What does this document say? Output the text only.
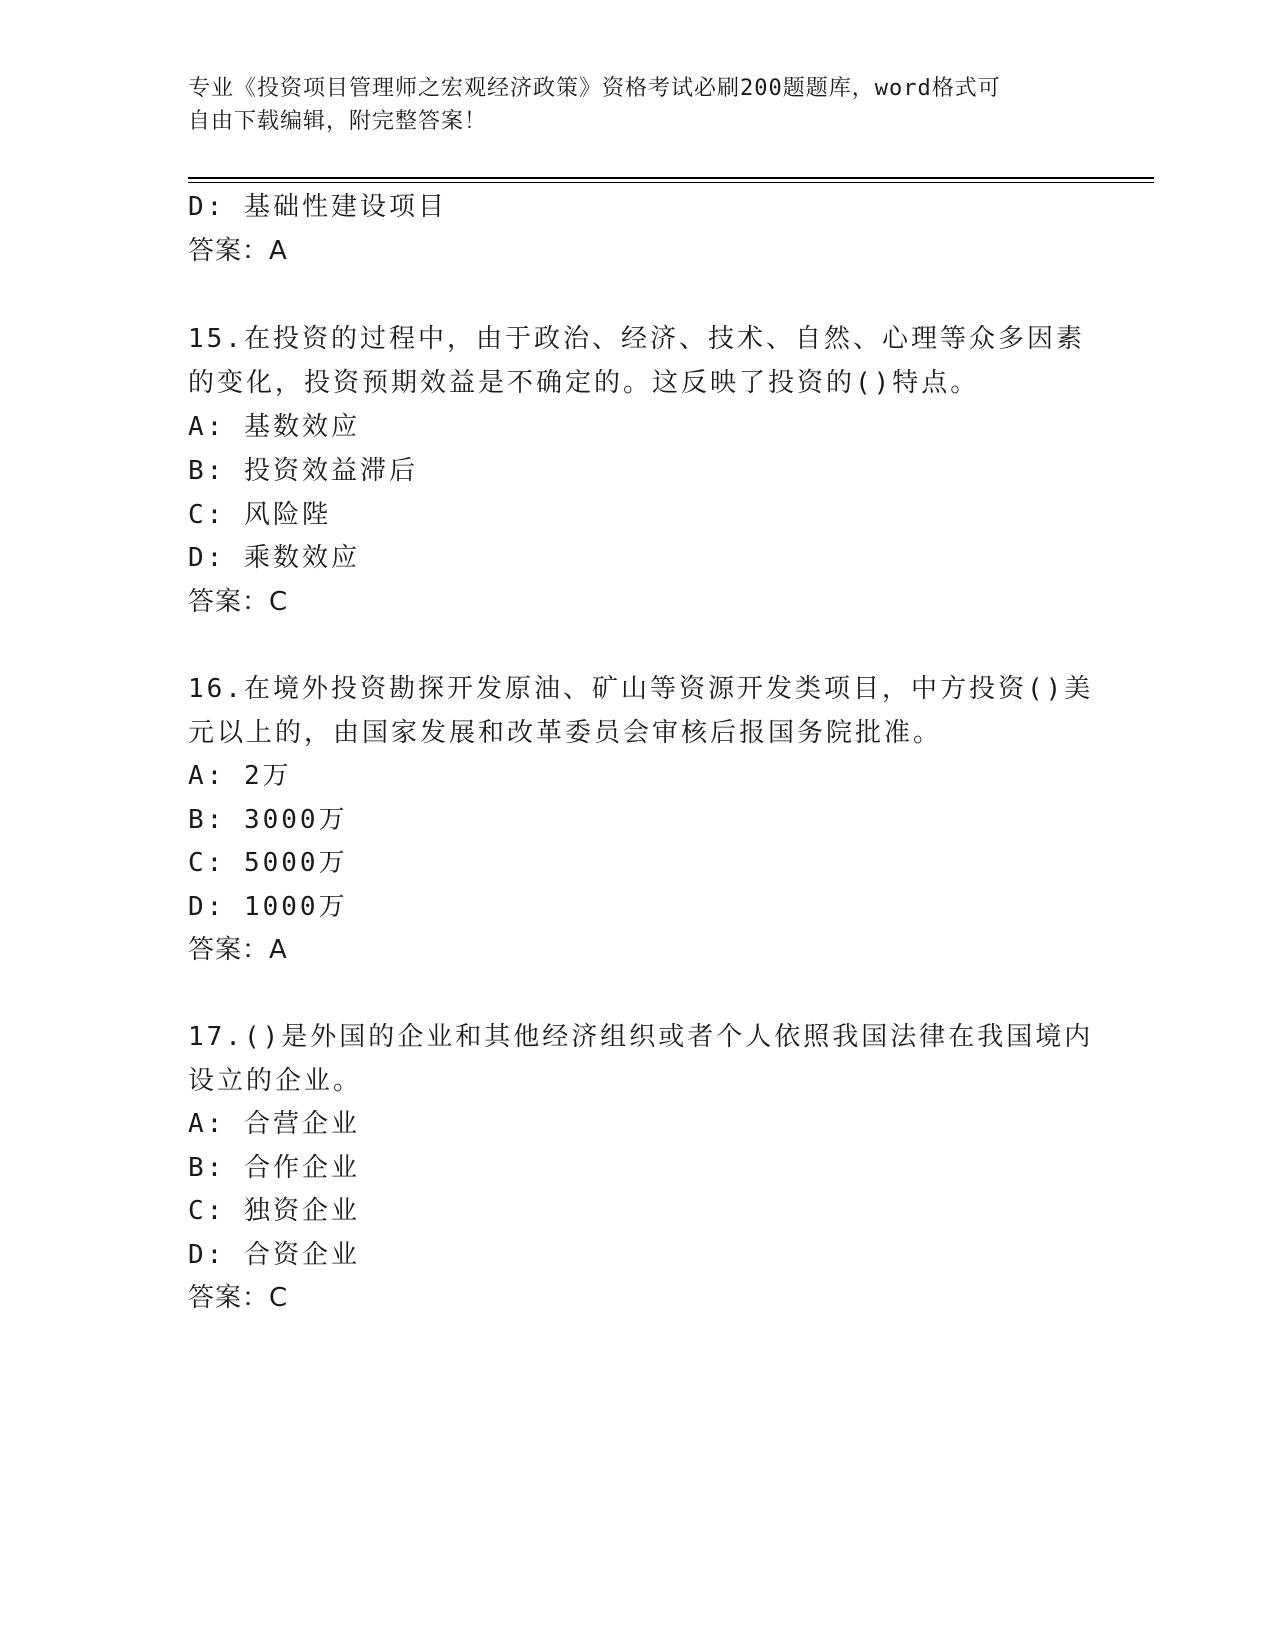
专业《投资项目管理师之宏观经济政策》资格考试必刷200题题库，word格式可
自由下载编辑，附完整答案！
D: 基础性建设项目
答案：A
15.在投资的过程中，由于政治、经济、技术、自然、心理等众多因素
的变化，投资预期效益是不确定的。这反映了投资的()特点。
A: 基数效应
B: 投资效益滞后
C: 风险陛
D: 乘数效应
答案：C
16.在境外投资勘探开发原油、矿山等资源开发类项目，中方投资()美
元以上的，由国家发展和改革委员会审核后报国务院批准。
A: 2万
B: 3000万
C: 5000万
D: 1000万
答案：A
17.()是外国的企业和其他经济组织或者个人依照我国法律在我国境内
设立的企业。
A: 合营企业
B: 合作企业
C: 独资企业
D: 合资企业
答案：C
